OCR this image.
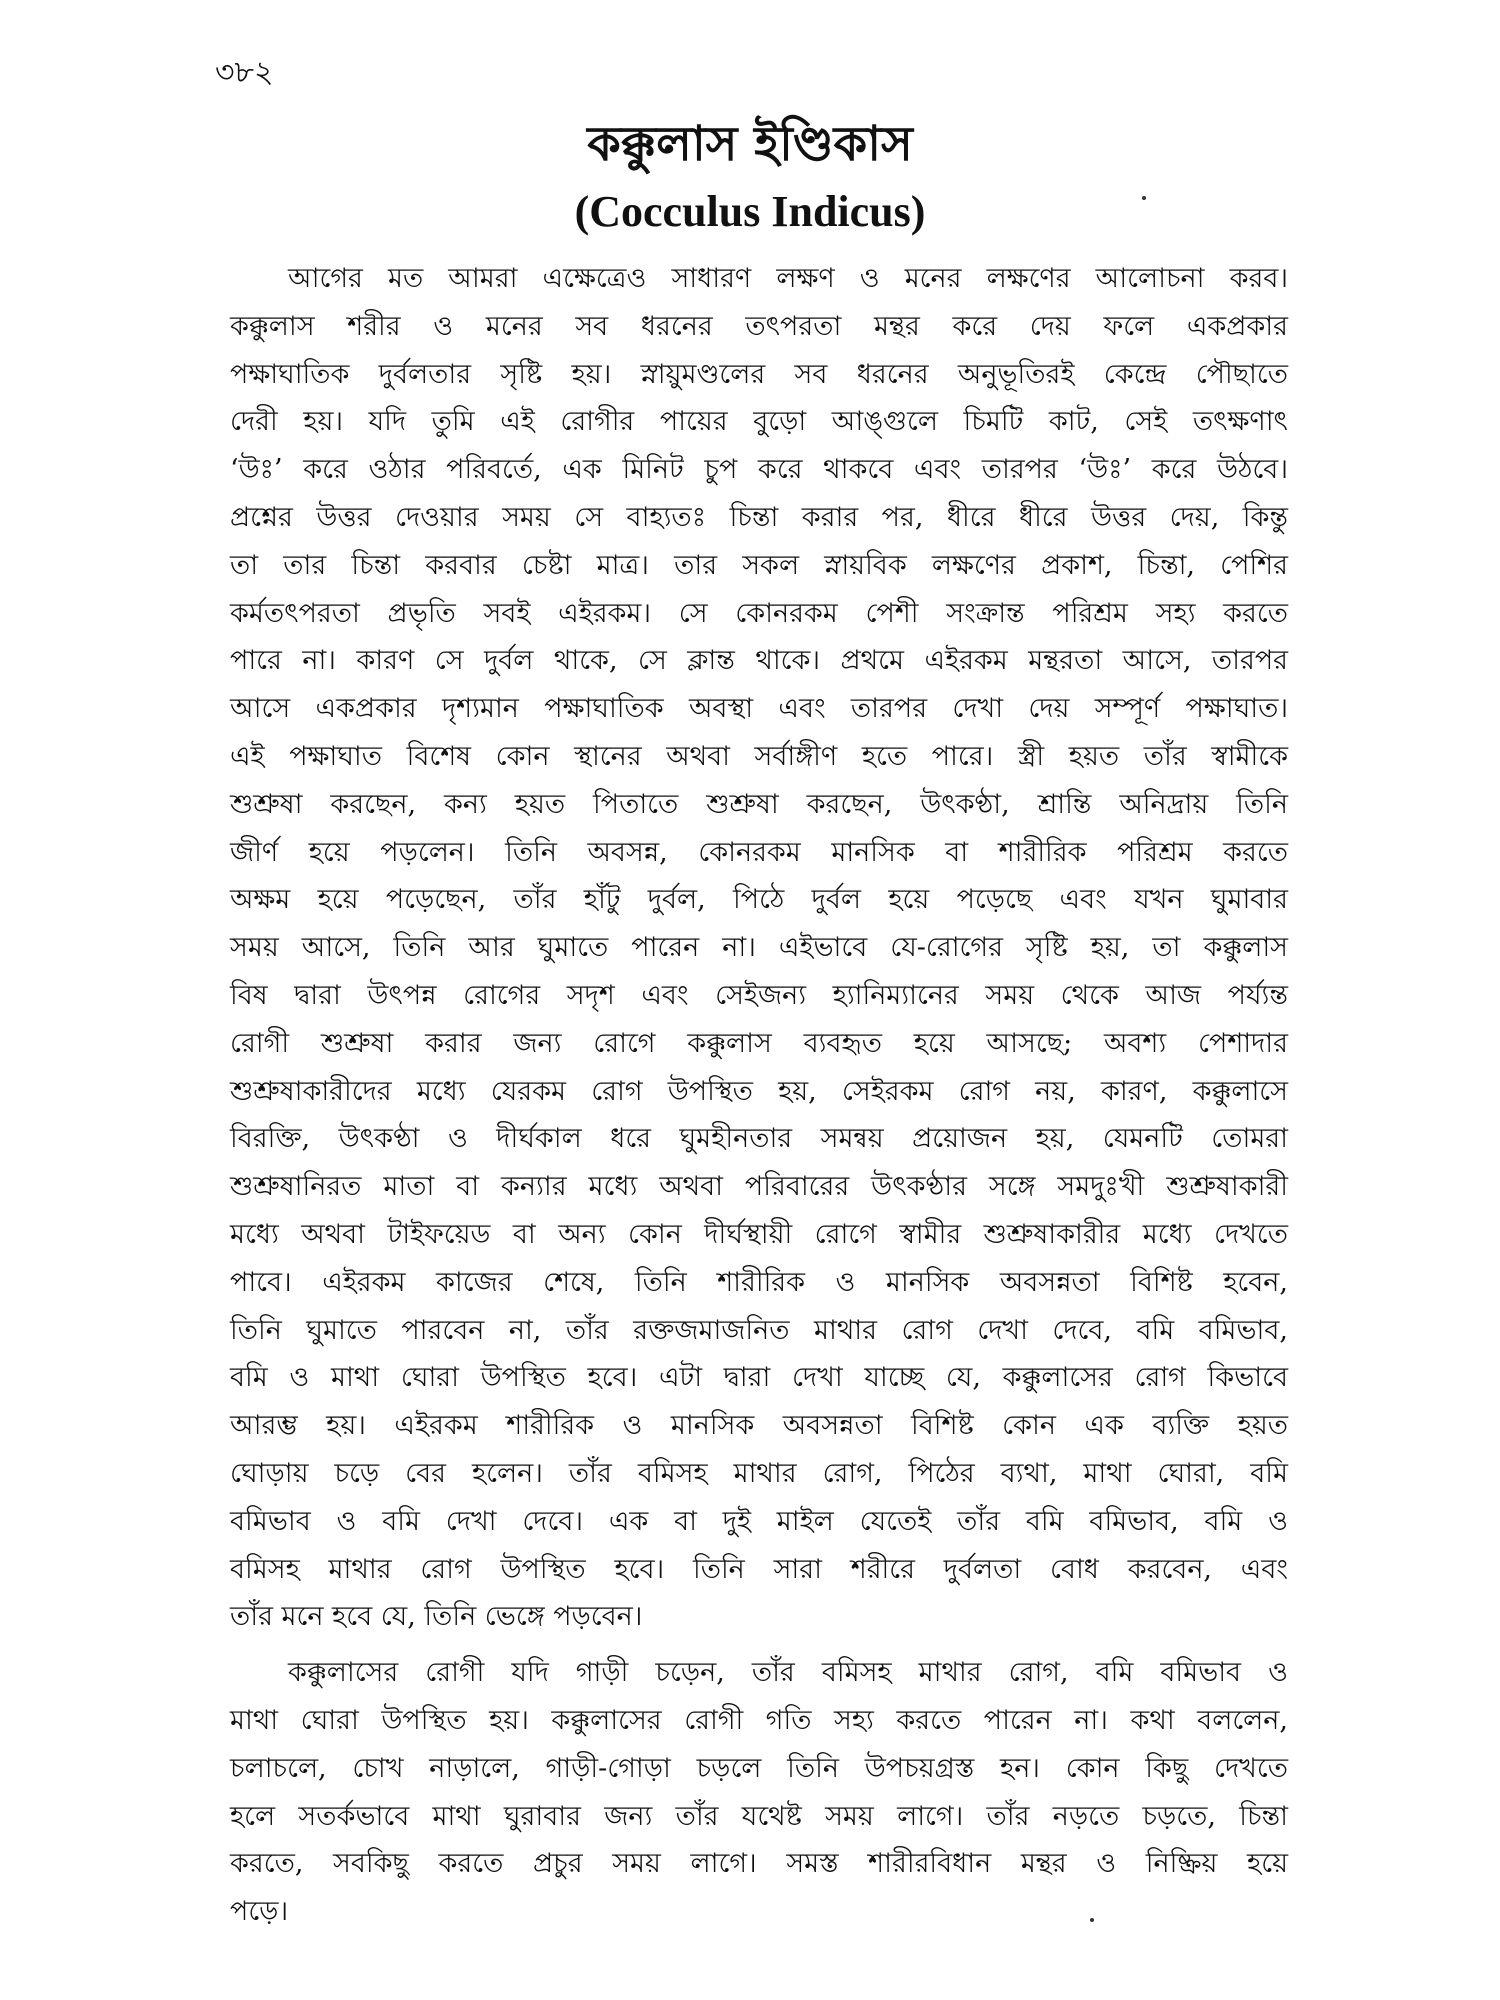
৩৮২
কক্কুলাস ইণ্ডিকাস
(Cocculus Indicus)
আগের মত আমরা এক্ষেত্রেও সাধারণ লক্ষণ ও মনের লক্ষণের আলোচনা করব।
কক্কুলাস শরীর ও মনের সব ধরনের তৎপরতা মন্থর করে দেয় ফলে একপ্রকার
পক্ষাঘাতিক দুর্বলতার সৃষ্টি হয়। স্নায়ুমণ্ডলের সব ধরনের অনুভূতিরই কেন্দ্রে পৌছাতে
দেরী হয়। যদি তুমি এই রোগীর পায়ের বুড়ো আঙ্গুলে চিমটি কাট, সেই তৎক্ষণাৎ
‘উঃ’ করে ওঠার পরিবর্তে, এক মিনিট চুপ করে থাকবে এবং তারপর ‘উঃ’ করে উঠবে।
প্রশ্নের উত্তর দেওয়ার সময় সে বাহ্যতঃ চিন্তা করার পর, ধীরে ধীরে উত্তর দেয়, কিন্তু
তা তার চিন্তা করবার চেষ্টা মাত্র। তার সকল স্নায়বিক লক্ষণের প্রকাশ, চিন্তা, পেশির
কর্মতৎপরতা প্রভৃতি সবই এইরকম। সে কোনরকম পেশী সংক্রান্ত পরিশ্রম সহ্য করতে
পারে না। কারণ সে দুর্বল থাকে, সে ক্লান্ত থাকে। প্রথমে এইরকম মন্থরতা আসে, তারপর
আসে একপ্রকার দৃশ্যমান পক্ষাঘাতিক অবস্থা এবং তারপর দেখা দেয় সম্পূর্ণ পক্ষাঘাত।
এই পক্ষাঘাত বিশেষ কোন স্থানের অথবা সর্বাঙ্গীণ হতে পারে। স্ত্রী হয়ত তাঁর স্বামীকে
শুশ্রুষা করছেন, কন্য হয়ত পিতাতে শুশ্রুষা করছেন, উৎকণ্ঠা, শ্রান্তি অনিদ্রায় তিনি
জীর্ণ হয়ে পড়লেন। তিনি অবসন্ন, কোনরকম মানসিক বা শারীরিক পরিশ্রম করতে
অক্ষম হয়ে পড়েছেন, তাঁর হাঁটু দুর্বল, পিঠে দুর্বল হয়ে পড়েছে এবং যখন ঘুমাবার
সময় আসে, তিনি আর ঘুমাতে পারেন না। এইভাবে যে-রোগের সৃষ্টি হয়, তা কক্কুলাস
বিষ দ্বারা উৎপন্ন রোগের সদৃশ এবং সেইজন্য হ্যানিম্যানের সময় থেকে আজ পর্য্যন্ত
রোগী শুশ্রুষা করার জন্য রোগে কক্কুলাস ব্যবহৃত হয়ে আসছে; অবশ্য পেশাদার
শুশ্রুষাকারীদের মধ্যে যেরকম রোগ উপস্থিত হয়, সেইরকম রোগ নয়, কারণ, কক্কুলাসে
বিরক্তি, উৎকণ্ঠা ও দীর্ঘকাল ধরে ঘুমহীনতার সমন্বয় প্রয়োজন হয়, যেমনটি তোমরা
শুশ্রুষানিরত মাতা বা কন্যার মধ্যে অথবা পরিবারের উৎকণ্ঠার সঙ্গে সমদুঃখী শুশ্রুষাকারী
মধ্যে অথবা টাইফয়েড বা অন্য কোন দীর্ঘস্থায়ী রোগে স্বামীর শুশ্রুষাকারীর মধ্যে দেখতে
পাবে। এইরকম কাজের শেষে, তিনি শারীরিক ও মানসিক অবসন্নতা বিশিষ্ট হবেন,
তিনি ঘুমাতে পারবেন না, তাঁর রক্তজমাজনিত মাথার রোগ দেখা দেবে, বমি বমিভাব,
বমি ও মাথা ঘোরা উপস্থিত হবে। এটা দ্বারা দেখা যাচ্ছে যে, কক্কুলাসের রোগ কিভাবে
আরম্ভ হয়। এইরকম শারীরিক ও মানসিক অবসন্নতা বিশিষ্ট কোন এক ব্যক্তি হয়ত
ঘোড়ায় চড়ে বের হলেন। তাঁর বমিসহ মাথার রোগ, পিঠের ব্যথা, মাথা ঘোরা, বমি
বমিভাব ও বমি দেখা দেবে। এক বা দুই মাইল যেতেই তাঁর বমি বমিভাব, বমি ও
বমিসহ মাথার রোগ উপস্থিত হবে। তিনি সারা শরীরে দুর্বলতা বোধ করবেন, এবং
তাঁর মনে হবে যে, তিনি ভেঙ্গে পড়বেন।
কক্কুলাসের রোগী যদি গাড়ী চড়েন, তাঁর বমিসহ মাথার রোগ, বমি বমিভাব ও
মাথা ঘোরা উপস্থিত হয়। কক্কুলাসের রোগী গতি সহ্য করতে পারেন না। কথা বললেন,
চলাচলে, চোখ নাড়ালে, গাড়ী-গোড়া চড়লে তিনি উপচয়গ্রস্ত হন। কোন কিছু দেখতে
হলে সতর্কভাবে মাথা ঘুরাবার জন্য তাঁর যথেষ্ট সময় লাগে। তাঁর নড়তে চড়তে, চিন্তা
করতে, সবকিছু করতে প্রচুর সময় লাগে। সমস্ত শারীরবিধান মন্থর ও নিষ্ক্রিয় হয়ে
পড়ে।
